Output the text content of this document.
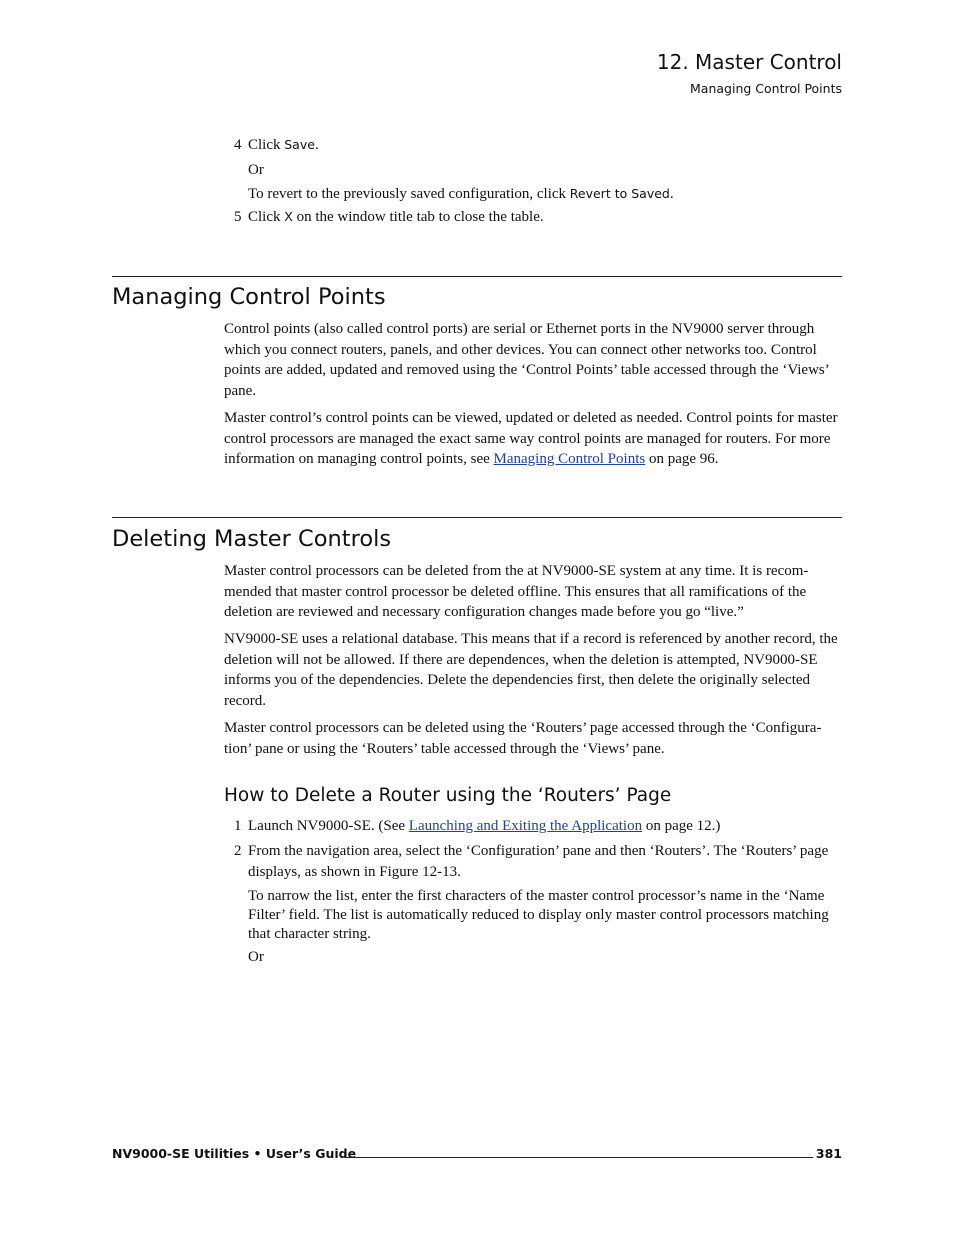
12. Master Control
Managing Control Points
4 Click Save.

Or

To revert to the previously saved configuration, click Revert to Saved.

5 Click X on the window title tab to close the table.

Managing Control Points

Control points (also called control ports) are serial or Ethernet ports in the NV9000 server through which you connect routers, panels, and other devices. You can connect other networks too. Control points are added, updated and removed using the ‘Control Points’ table accessed through the ‘Views’ pane.

Master control’s control points can be viewed, updated or deleted as needed. Control points for master control processors are managed the exact same way control points are managed for routers. For more information on managing control points, see Managing Control Points on page 96.

Deleting Master Controls

Master control processors can be deleted from the at NV9000-SE system at any time. It is recommended that master control processor be deleted offline. This ensures that all ramifications of the deletion are reviewed and necessary configuration changes made before you go “live.”

NV9000-SE uses a relational database. This means that if a record is referenced by another record, the deletion will not be allowed. If there are dependences, when the deletion is attempted, NV9000-SE informs you of the dependencies. Delete the dependencies first, then delete the originally selected record.

Master control processors can be deleted using the ‘Routers’ page accessed through the ‘Configuration’ pane or using the ‘Routers’ table accessed through the ‘Views’ pane.

How to Delete a Router using the ‘Routers’ Page
1 Launch NV9000-SE. (See Launching and Exiting the Application on page 12.)

2 From the navigation area, select the ‘Configuration’ pane and then ‘Routers’. The ‘Routers’ page displays, as shown in Figure 12-13.

To narrow the list, enter the first characters of the master control processor’s name in the ‘Name Filter’ field. The list is automatically reduced to display only master control processors matching that character string.

Or

NV9000-SE Utilities • User’s Guide	381
